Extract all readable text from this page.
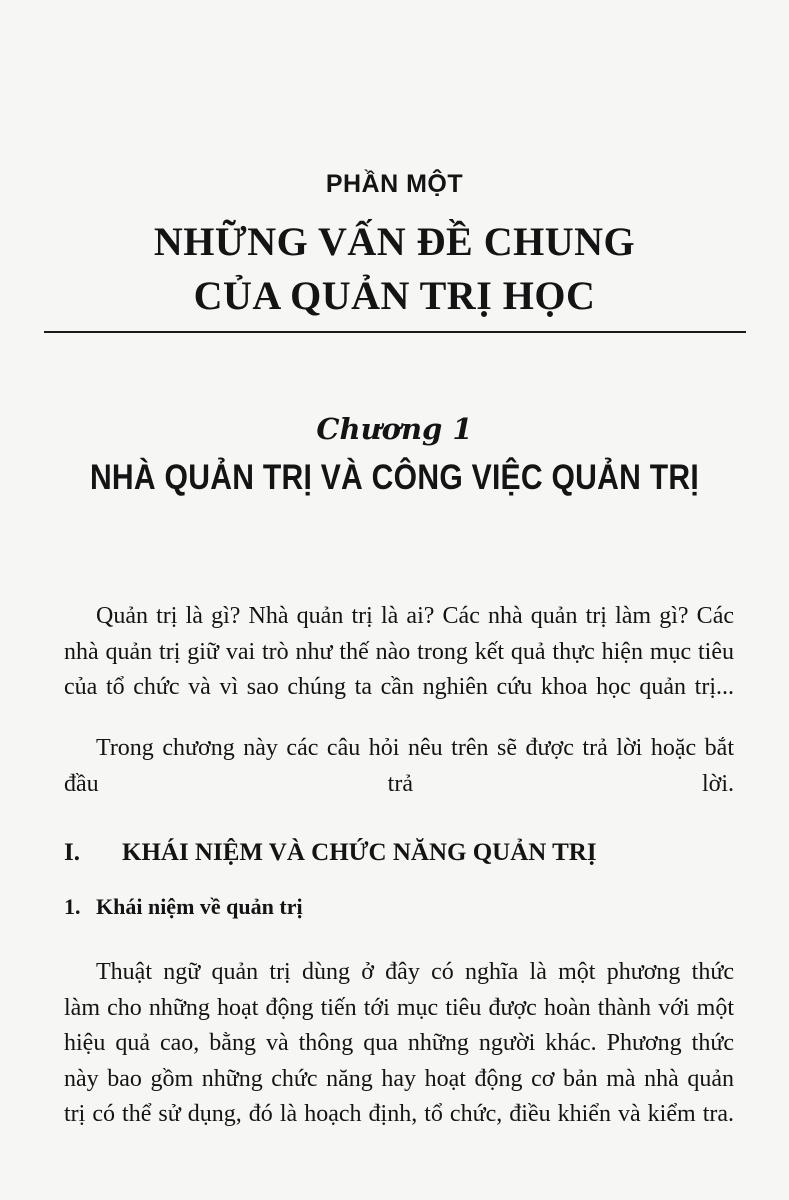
PHẦN MỘT
NHỮNG VẤN ĐỀ CHUNG
CỦA QUẢN TRỊ HỌC
Chương 1
NHÀ QUẢN TRỊ VÀ CÔNG VIỆC QUẢN TRỊ
Quản trị là gì? Nhà quản trị là ai? Các nhà quản trị làm gì? Các
nhà quản trị giữ vai trò như thế nào trong kết quả thực hiện mục tiêu
của tổ chức và vì sao chúng ta cần nghiên cứu khoa học quản trị...
Trong chương này các câu hỏi nêu trên sẽ được trả lời hoặc bắt
đầu trả lời.
I. KHÁI NIỆM VÀ CHỨC NĂNG QUẢN TRỊ
1. Khái niệm về quản trị
Thuật ngữ quản trị dùng ở đây có nghĩa là một phương thức
làm cho những hoạt động tiến tới mục tiêu được hoàn thành với một
hiệu quả cao, bằng và thông qua những người khác. Phương thức
này bao gồm những chức năng hay hoạt động cơ bản mà nhà quản
trị có thể sử dụng, đó là hoạch định, tổ chức, điều khiển và kiểm tra.
